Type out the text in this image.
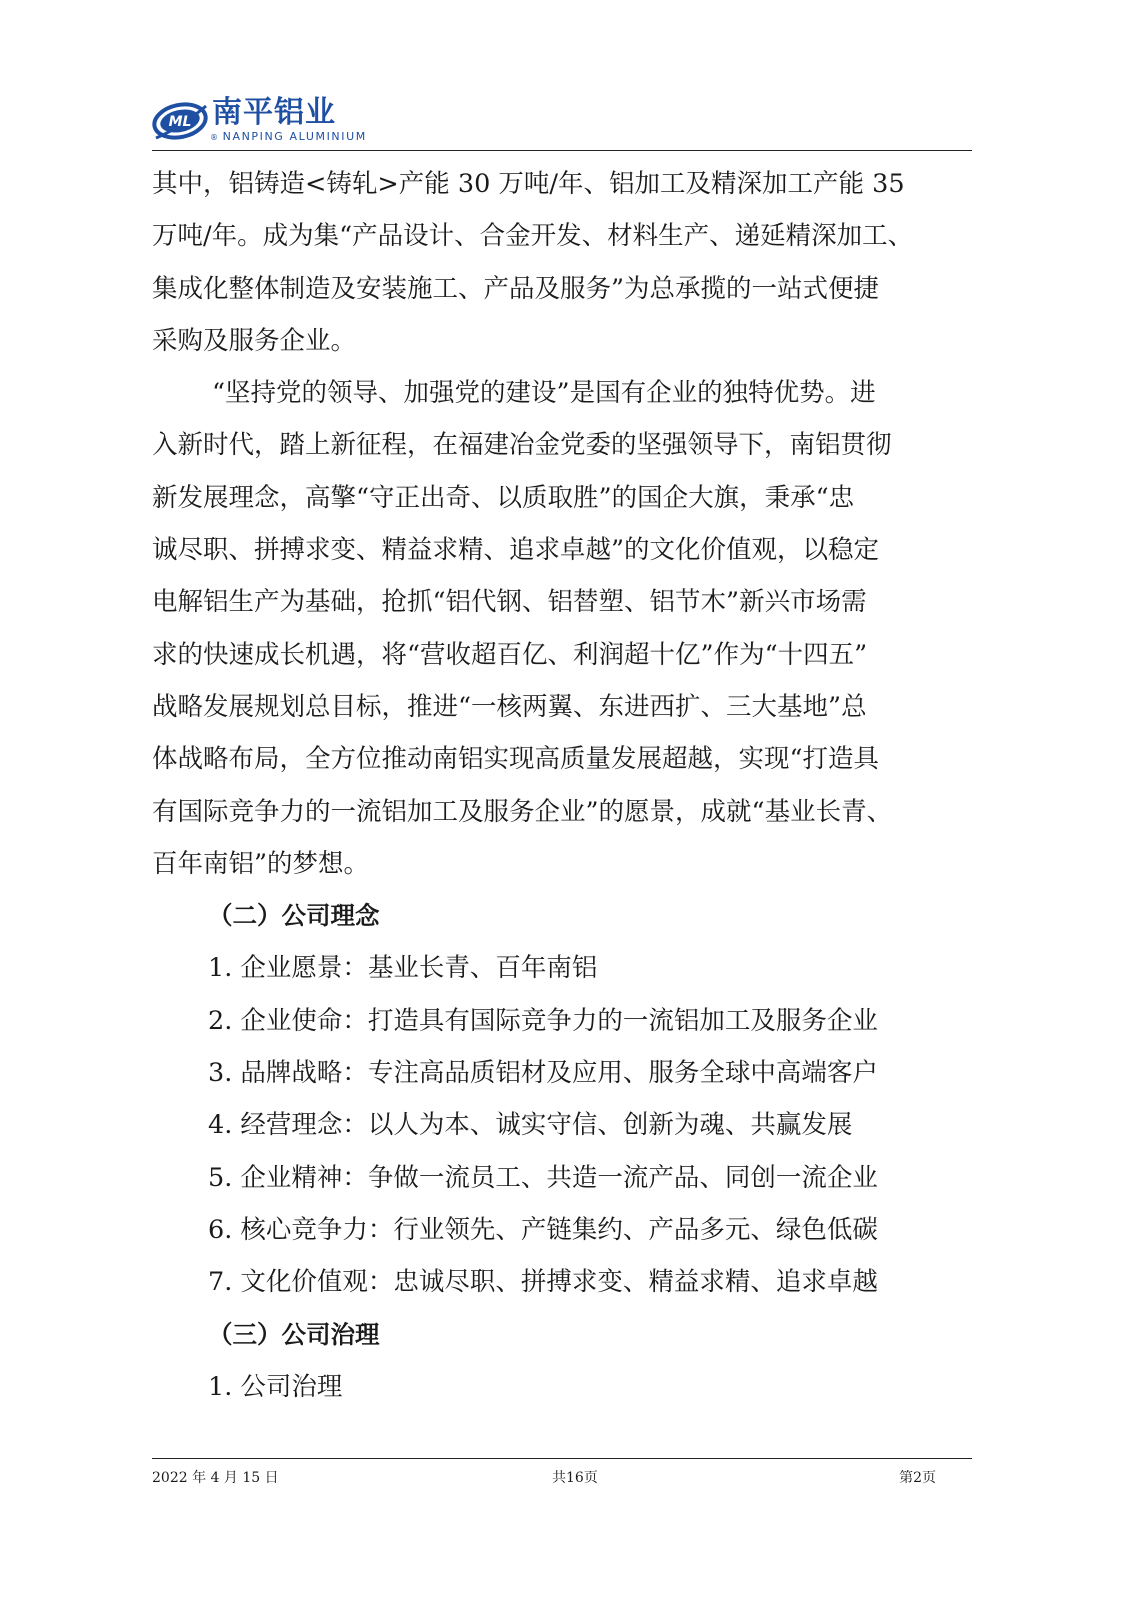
ML 南平铝业
® NANPING ALUMINIUM
其中，铝铸造<铸轧>产能 30 万吨/年、铝加工及精深加工产能 35
万吨/年。成为集“产品设计、合金开发、材料生产、递延精深加工、
集成化整体制造及安装施工、产品及服务”为总承揽的一站式便捷
采购及服务企业。
“坚持党的领导、加强党的建设”是国有企业的独特优势。进
入新时代，踏上新征程，在福建冶金党委的坚强领导下，南铝贯彻
新发展理念，高擎“守正出奇、以质取胜”的国企大旗，秉承“忠
诚尽职、拼搏求变、精益求精、追求卓越”的文化价值观，以稳定
电解铝生产为基础，抢抓“铝代钢、铝替塑、铝节木”新兴市场需
求的快速成长机遇，将“营收超百亿、利润超十亿”作为“十四五”
战略发展规划总目标，推进“一核两翼、东进西扩、三大基地”总
体战略布局，全方位推动南铝实现高质量发展超越，实现“打造具
有国际竞争力的一流铝加工及服务企业”的愿景，成就“基业长青、
百年南铝”的梦想。
（二）公司理念
1. 企业愿景：基业长青、百年南铝
2. 企业使命：打造具有国际竞争力的一流铝加工及服务企业
3. 品牌战略：专注高品质铝材及应用、服务全球中高端客户
4. 经营理念：以人为本、诚实守信、创新为魂、共赢发展
5. 企业精神：争做一流员工、共造一流产品、同创一流企业
6. 核心竞争力：行业领先、产链集约、产品多元、绿色低碳
7. 文化价值观：忠诚尽职、拼搏求变、精益求精、追求卓越
（三）公司治理
1. 公司治理
2022 年 4 月 15 日	共16页	第2页
